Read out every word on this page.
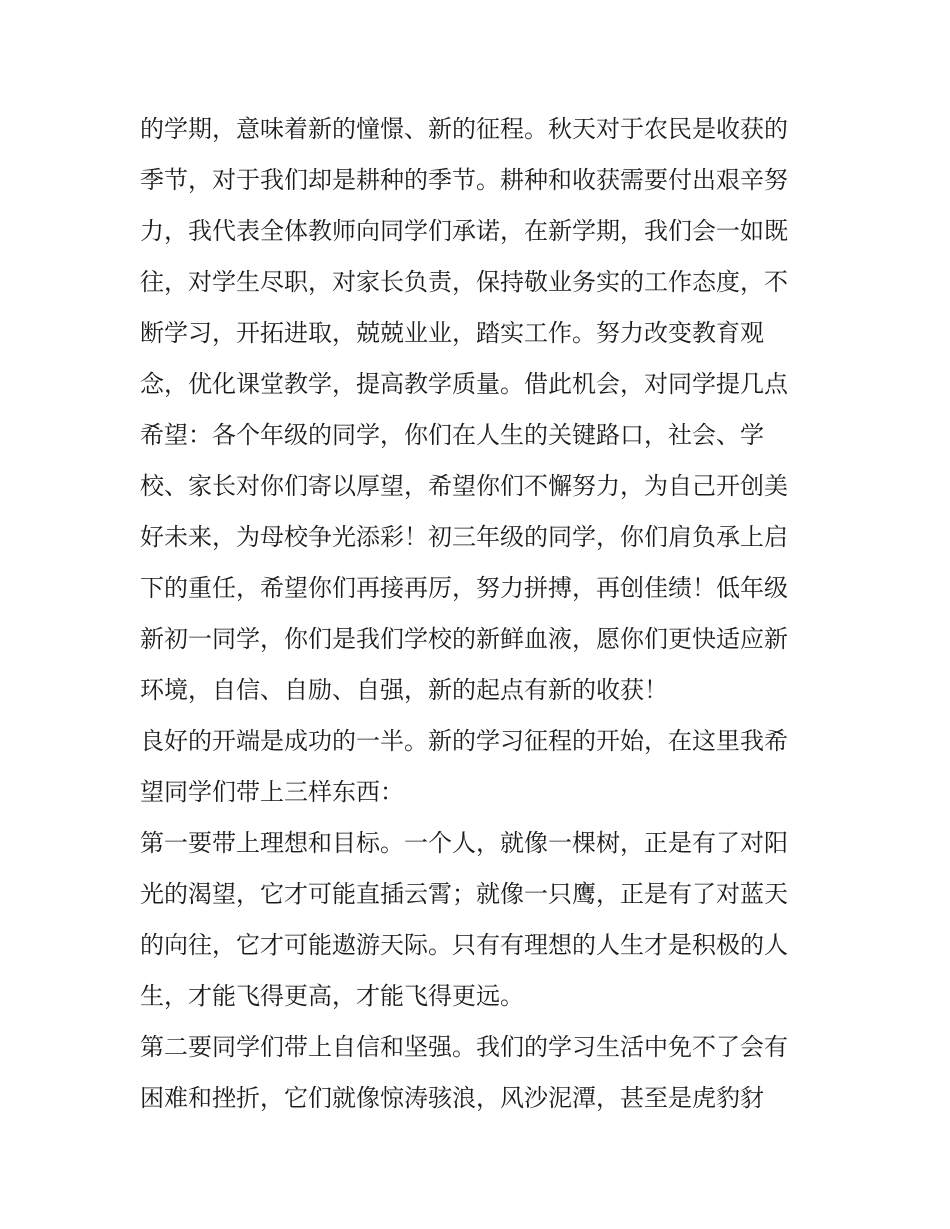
的学期，意味着新的憧憬、新的征程。秋天对于农民是收获的
季节，对于我们却是耕种的季节。耕种和收获需要付出艰辛努
力，我代表全体教师向同学们承诺，在新学期，我们会一如既
往，对学生尽职，对家长负责，保持敬业务实的工作态度，不
断学习，开拓进取，兢兢业业，踏实工作。努力改变教育观
念，优化课堂教学，提高教学质量。借此机会，对同学提几点
希望：各个年级的同学，你们在人生的关键路口，社会、学
校、家长对你们寄以厚望，希望你们不懈努力，为自己开创美
好未来，为母校争光添彩！初三年级的同学，你们肩负承上启
下的重任，希望你们再接再厉，努力拼搏，再创佳绩！低年级
新初一同学，你们是我们学校的新鲜血液，愿你们更快适应新
环境，自信、自励、自强，新的起点有新的收获！
良好的开端是成功的一半。新的学习征程的开始，在这里我希
望同学们带上三样东西：
第一要带上理想和目标。一个人，就像一棵树，正是有了对阳
光的渴望，它才可能直插云霄；就像一只鹰，正是有了对蓝天
的向往，它才可能遨游天际。只有有理想的人生才是积极的人
生，才能飞得更高，才能飞得更远。
第二要同学们带上自信和坚强。我们的学习生活中免不了会有
困难和挫折，它们就像惊涛骇浪，风沙泥潭，甚至是虎豹豺
